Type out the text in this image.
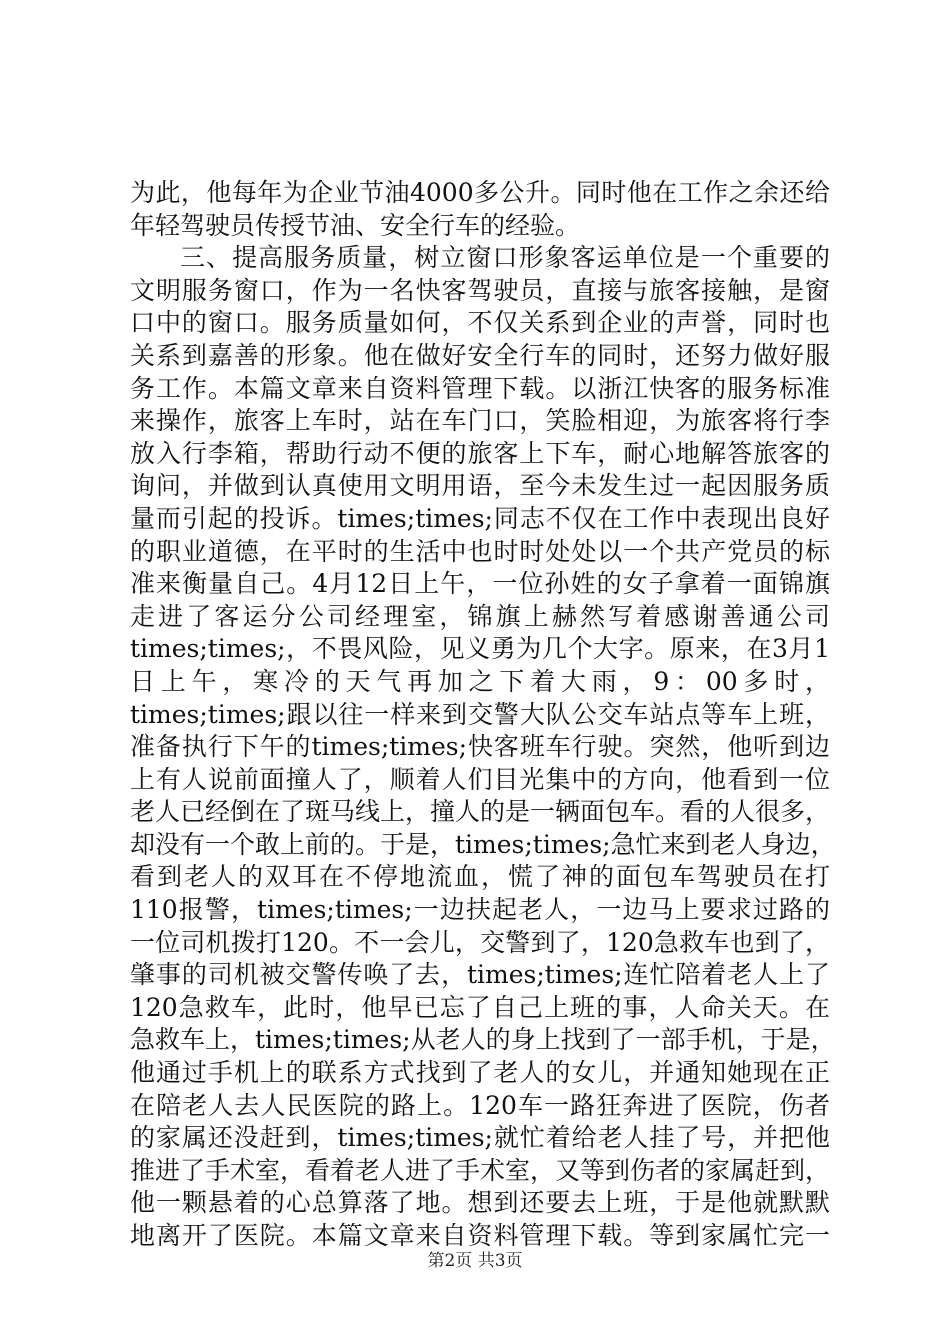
为此，他每年为企业节油4000多公升。同时他在工作之余还给
年轻驾驶员传授节油、安全行车的经验。
三、提高服务质量，树立窗口形象客运单位是一个重要的
文明服务窗口，作为一名快客驾驶员，直接与旅客接触，是窗
口中的窗口。服务质量如何，不仅关系到企业的声誉，同时也
关系到嘉善的形象。他在做好安全行车的同时，还努力做好服
务工作。本篇文章来自资料管理下载。以浙江快客的服务标准
来操作，旅客上车时，站在车门口，笑脸相迎，为旅客将行李
放入行李箱，帮助行动不便的旅客上下车，耐心地解答旅客的
询问，并做到认真使用文明用语，至今未发生过一起因服务质
量而引起的投诉。times;times;同志不仅在工作中表现出良好
的职业道德，在平时的生活中也时时处处以一个共产党员的标
准来衡量自己。4月12日上午，一位孙姓的女子拿着一面锦旗
走进了客运分公司经理室，锦旗上赫然写着感谢善通公司
times;times;，不畏风险，见义勇为几个大字。原来，在3月1
日上午，寒冷的天气再加之下着大雨，9：00多时，
times;times;跟以往一样来到交警大队公交车站点等车上班，
准备执行下午的times;times;快客班车行驶。突然，他听到边
上有人说前面撞人了，顺着人们目光集中的方向，他看到一位
老人已经倒在了斑马线上，撞人的是一辆面包车。看的人很多，
却没有一个敢上前的。于是，times;times;急忙来到老人身边，
看到老人的双耳在不停地流血，慌了神的面包车驾驶员在打
110报警，times;times;一边扶起老人，一边马上要求过路的
一位司机拨打120。不一会儿，交警到了，120急救车也到了，
肇事的司机被交警传唤了去，times;times;连忙陪着老人上了
120急救车，此时，他早已忘了自己上班的事，人命关天。在
急救车上，times;times;从老人的身上找到了一部手机，于是，
他通过手机上的联系方式找到了老人的女儿，并通知她现在正
在陪老人去人民医院的路上。120车一路狂奔进了医院，伤者
的家属还没赶到，times;times;就忙着给老人挂了号，并把他
推进了手术室，看着老人进了手术室，又等到伤者的家属赶到，
他一颗悬着的心总算落了地。想到还要去上班，于是他就默默
地离开了医院。本篇文章来自资料管理下载。等到家属忙完一
第2页 共3页
